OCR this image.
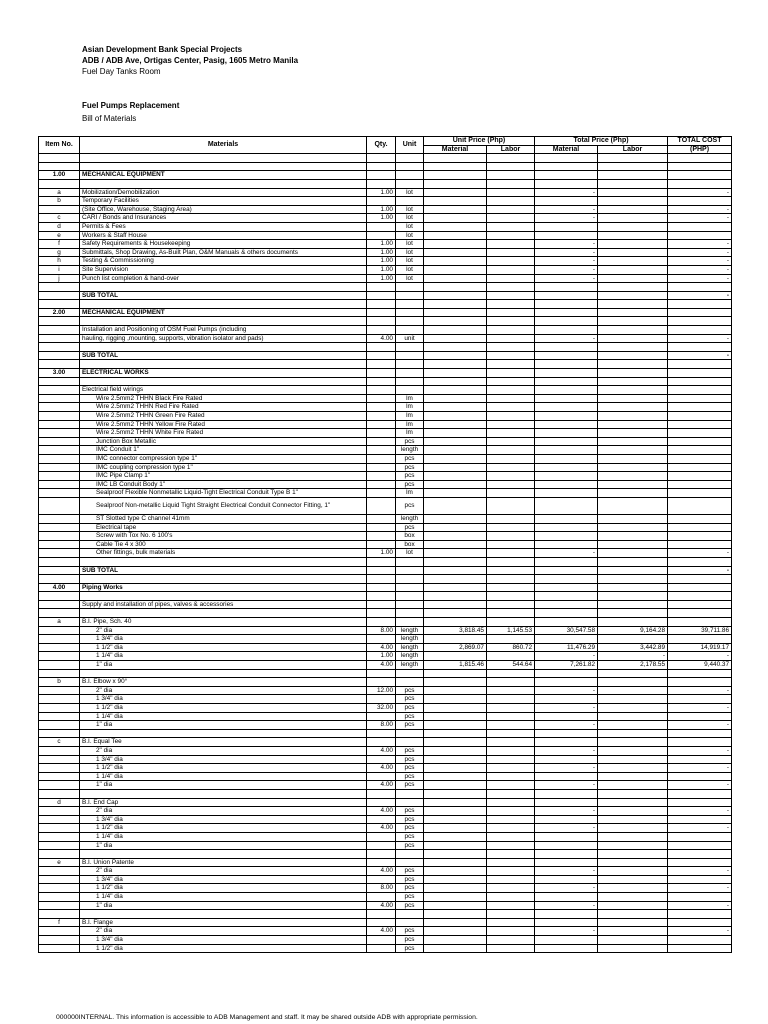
Asian Development Bank Special Projects
ADB / ADB Ave, Ortigas Center, Pasig, 1605 Metro Manila
Fuel Day Tanks Room
Fuel Pumps Replacement
Bill of Materials
Item No.	Materials	Qty.	Unit	Unit Price (Php)		Total Price (Php)		TOTAL COST
				Material	Labor	Material	Labor	(PHP)

1.00	MECHANICAL EQUIPMENT							

a	Mobilization/Demobilization	1.00	lot			-		-
b	Temporary Facilities							
	(Site Office, Warehouse, Staging Area)	1.00	lot			-		-
c	CARI / Bonds and Insurances	1.00	lot			-		-
d	Permits & Fees		lot					
e	Workers & Staff House		lot					
f	Safety Requirements & Housekeeping	1.00	lot			-		-
g	Submittals, Shop Drawing, As-Built Plan, O&M Manuals & others documents	1.00	lot			-		-
h	Testing & Commissioning	1.00	lot			-		-
i	Site Supervision	1.00	lot			-		-
j	Punch list completion & hand-over	1.00	lot			-		-

	SUB TOTAL							-

2.00	MECHANICAL EQUIPMENT							

	Installation and Positioning of OSM Fuel Pumps (including							
	hauling, rigging ,mounting, supports, vibration isolator and pads)	4.00	unit			-		-

	SUB TOTAL							-

3.00	ELECTRICAL WORKS							

	Electrical field wirings							
	Wire 2.5mm2 THHN Black Fire Rated		lm					
	Wire 2.5mm2 THHN Red Fire Rated		lm					
	Wire 2.5mm2 THHN Green Fire Rated		lm					
	Wire 2.5mm2 THHN Yellow Fire Rated		lm					
	Wire 2.5mm2 THHN White Fire Rated		lm					
	Junction Box Metallic		pcs					
	IMC Conduit 1"		length					
	IMC connector compression type 1"		pcs					
	IMC coupling compression type 1"		pcs					
	IMC Pipe Clamp 1"		pcs					
	IMC LB Conduit Body 1"		pcs					
	Sealproof Flexible Nonmetallic Liquid-Tight Electrical Conduit Type B 1"		lm					
	Sealproof Non-metallic Liquid Tight Straight Electrical Conduit Connector Fitting, 1"		pcs					
	ST Slotted type C channel 41mm		length					
	Electrical tape		pcs					
	Screw with Tox No. 6 100's		box					
	Cable Tie 4 x 300		box					
	Other fittings, bulk materials	1.00	lot			-		-

	SUB TOTAL							-

4.00	Piping Works							

	Supply and installation of pipes, valves & accessories							

a	B.I. Pipe, Sch. 40							
	2" dia	8.00	length	3,818.45	1,145.53	30,547.58	9,164.28	39,711.86
	1 3/4" dia		length					
	1 1/2" dia	4.00	length	2,869.07	860.72	11,476.29	3,442.89	14,919.17
	1 1/4" dia	1.00	length			-	-	-
	1" dia	4.00	length	1,815.46	544.64	7,261.82	2,178.55	9,440.37

b	B.I. Elbow x 90°							
	2" dia	12.00	pcs			-		-
	1 3/4" dia		pcs					
	1 1/2" dia	32.00	pcs			-		-
	1 1/4" dia		pcs					
	1" dia	8.00	pcs			-		-

c	B.I. Equal Tee							
	2" dia	4.00	pcs			-		-
	1 3/4" dia		pcs					
	1 1/2" dia	4.00	pcs			-		-
	1 1/4" dia		pcs					
	1" dia	4.00	pcs			-		-

d	B.I. End Cap							
	2" dia	4.00	pcs			-		-
	1 3/4" dia		pcs					
	1 1/2" dia	4.00	pcs			-		-
	1 1/4" dia		pcs					
	1" dia		pcs					

e	B.I. Union Patente							
	2" dia	4.00	pcs			-		-
	1 3/4" dia		pcs					
	1 1/2" dia	8.00	pcs			-		-
	1 1/4" dia		pcs					
	1" dia	4.00	pcs			-		-

f	B.I. Flange							
	2" dia	4.00	pcs			-		-
	1 3/4" dia		pcs					
	1 1/2" dia		pcs					
000000INTERNAL. This information is accessible to ADB Management and staff. It may be shared outside ADB with appropriate permission.
